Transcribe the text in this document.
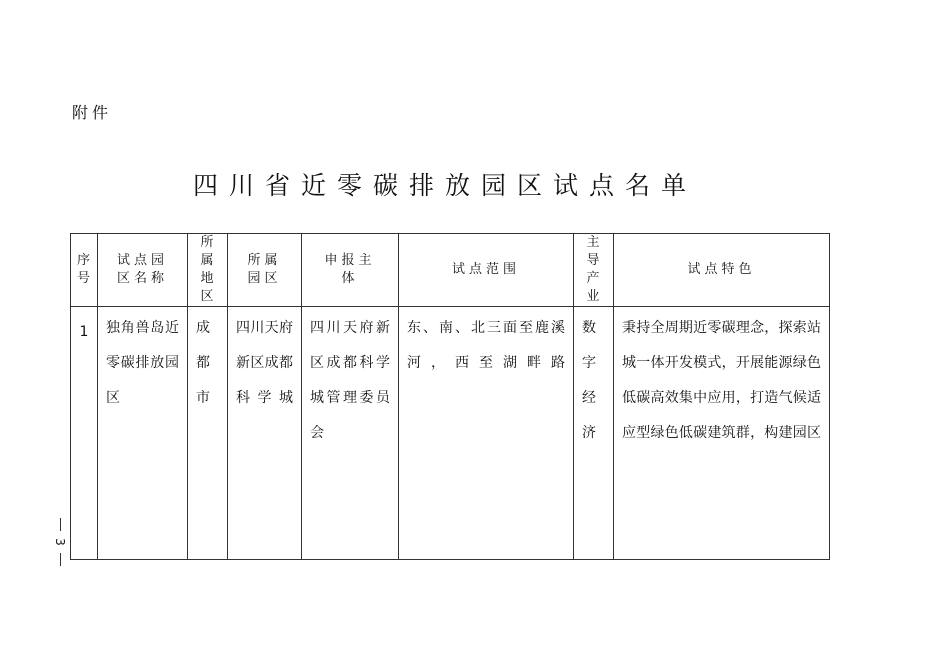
附件
四川省近零碳排放园区试点名单
序号	试点园区名称	所属地区	所属园区	申报主体	试点范围	主导产业	试点特色
1	独角兽岛近零碳排放园区	成都市	四川天府新区成都科学城	四川天府新区成都科学城管理委员会	东、南、北三面至鹿溪河，西至湖畔路	数字经济	秉持全周期近零碳理念，探索站城一体开发模式，开展能源绿色低碳高效集中应用，打造气候适应型绿色低碳建筑群，构建园区
3
